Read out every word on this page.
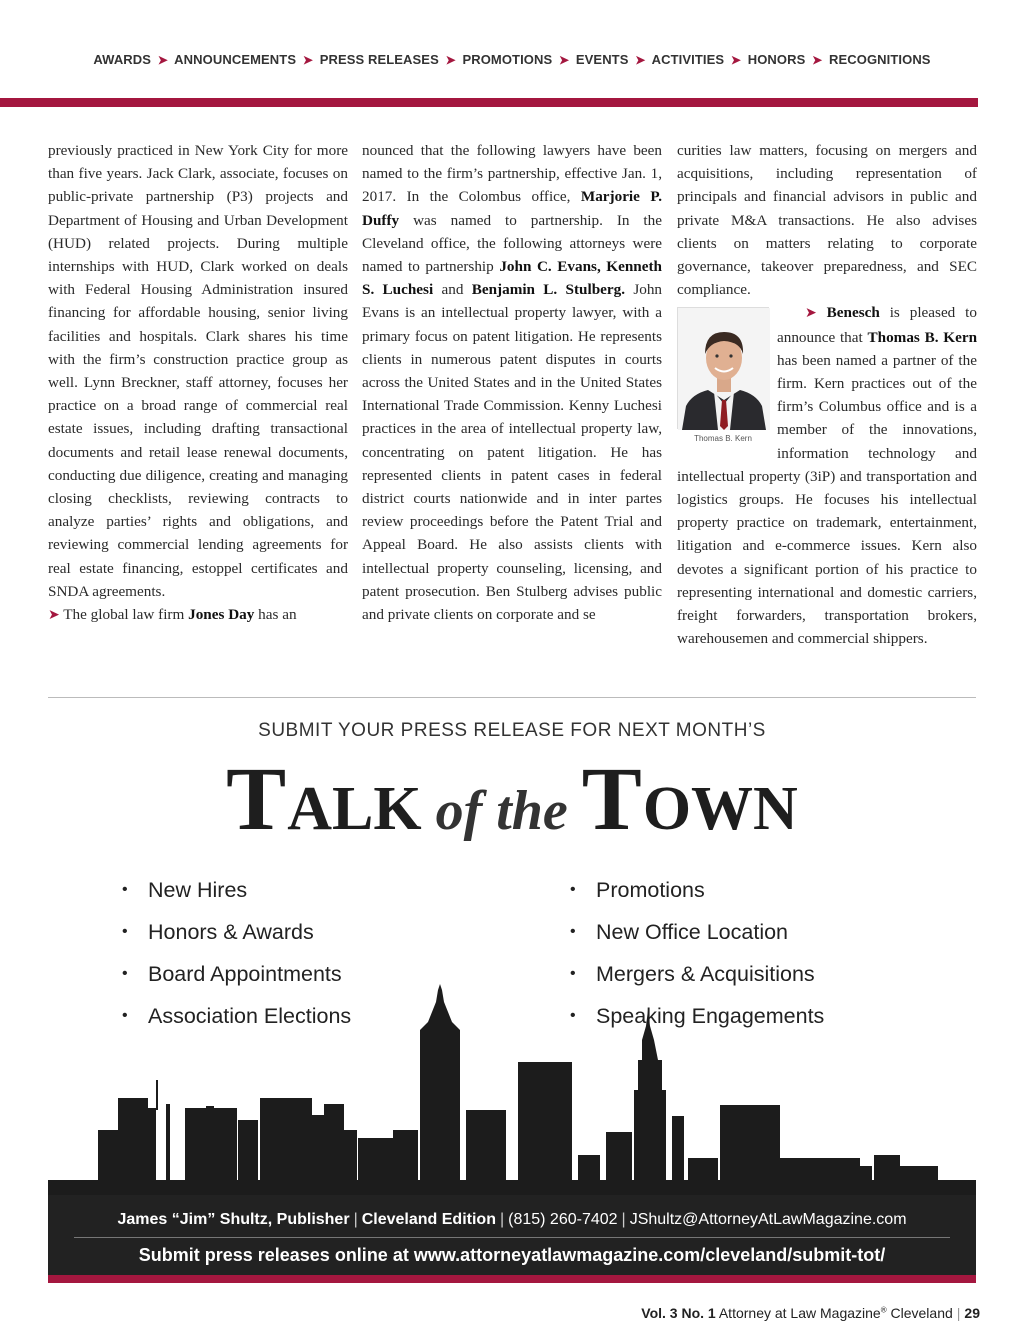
AWARDS ➤ ANNOUNCEMENTS ➤ PRESS RELEASES ➤ PROMOTIONS ➤ EVENTS ➤ ACTIVITIES ➤ HONORS ➤ RECOGNITIONS

previously practiced in New York City for more than five years. Jack Clark, associate, focuses on public-private partnership (P3) projects and Department of Housing and Urban Development (HUD) related projects. During multiple internships with HUD, Clark worked on deals with Federal Housing Administration insured financing for affordable housing, senior living facilities and hospitals. Clark shares his time with the firm’s construction practice group as well. Lynn Breckner, staff attorney, focuses her practice on a broad range of commercial real estate issues, including drafting transactional documents and retail lease renewal documents, conducting due diligence, creating and managing closing checklists, reviewing contracts to analyze parties’ rights and obligations, and reviewing commercial lending agreements for real estate financing, estoppel certificates and SNDA agreements.

➤ The global law firm Jones Day has an

nounced that the following lawyers have been named to the firm’s partnership, effective Jan. 1, 2017. In the Colombus office, Marjorie P. Duffy was named to partnership. In the Cleveland office, the following attorneys were named to partnership John C. Evans, Kenneth S. Luchesi and Benjamin L. Stulberg. John Evans is an intellectual property lawyer, with a primary focus on patent litigation. He represents clients in numerous patent disputes in courts across the United States and in the United States International Trade Commission. Kenny Luchesi practices in the area of intellectual property law, concentrating on patent litigation. He has represented clients in patent cases in federal district courts nationwide and in inter partes review proceedings before the Patent Trial and Appeal Board. He also assists clients with intellectual property counseling, licensing, and patent prosecution. Ben Stulberg advises public and private clients on corporate and se

curities law matters, focusing on mergers and acquisitions, including representation of principals and financial advisors in public and private M&A transactions. He also advises clients on matters relating to corporate governance, takeover preparedness, and SEC compliance.

Thomas B. Kern

➤ Benesch is pleased to announce that Thomas B. Kern has been named a partner of the firm. Kern practices out of the firm’s Columbus office and is a member of the innovations, information technology and intellectual property (3iP) and transportation and logistics groups. He focuses his intellectual property practice on trademark, entertainment, litigation and e-commerce issues. Kern also devotes a significant portion of his practice to representing international and domestic carriers, freight forwarders, transportation brokers, warehousemen and commercial shippers.

SUBMIT YOUR PRESS RELEASE FOR NEXT MONTH’S
TALK of the TOWN
• New Hires
• Honors & Awards
• Board Appointments
• Association Elections
• Promotions
• New Office Location
• Mergers & Acquisitions
• Speaking Engagements
James “Jim” Shultz, Publisher | Cleveland Edition | (815) 260-7402 | JShultz@AttorneyAtLawMagazine.com
Submit press releases online at www.attorneyatlawmagazine.com/cleveland/submit-tot/
Vol. 3 No. 1 Attorney at Law Magazine® Cleveland | 29
